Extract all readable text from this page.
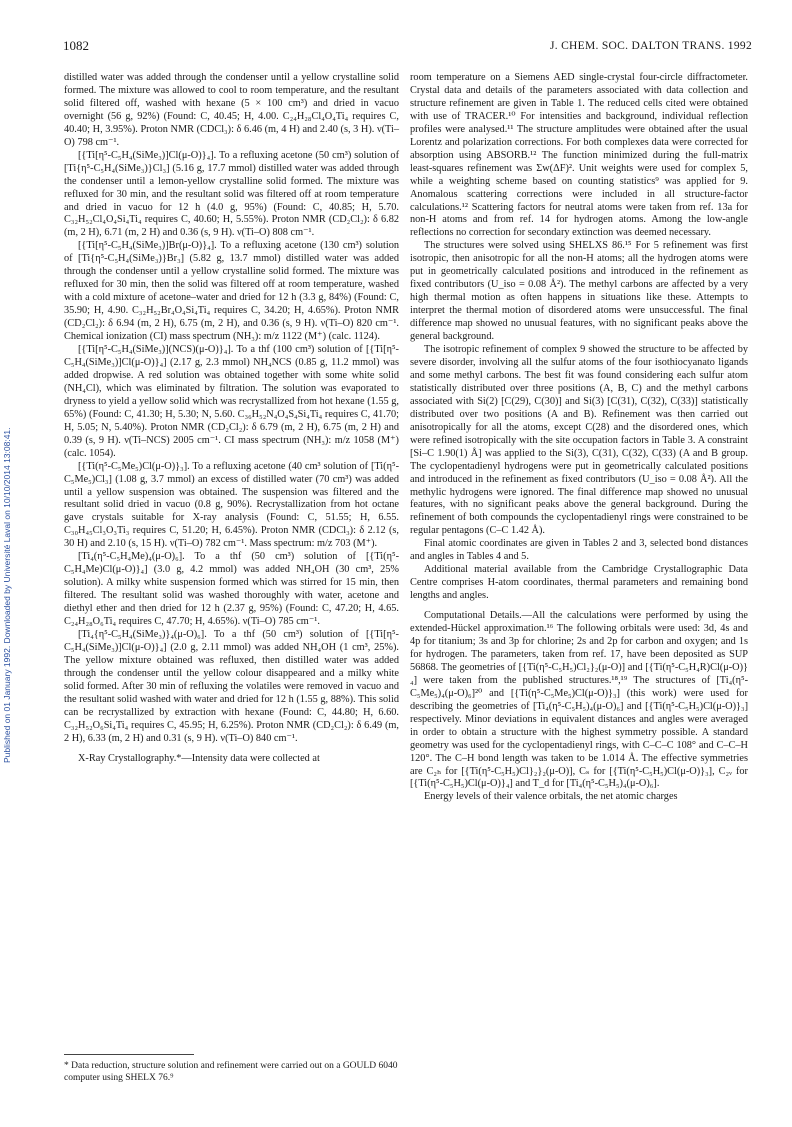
1082	J. CHEM. SOC. DALTON TRANS. 1992
Published on 01 January 1992. Downloaded by Université Laval on 10/10/2014 13:08:41.

distilled water was added through the condenser until a yellow crystalline solid formed. The mixture was allowed to cool to room temperature, and the resultant solid filtered off, washed with hexane (5 × 100 cm³) and dried in vacuo overnight (56 g, 92%) (Found: C, 40.45; H, 4.00. C₂₄H₂₈Cl₄O₄Ti₄ requires C, 40.40; H, 3.95%). Proton NMR (CDCl₃): δ 6.46 (m, 4 H) and 2.40 (s, 3 H). ν(Ti–O) 798 cm⁻¹.

[{Ti[η⁵-C₅H₄(SiMe₃)]Cl(μ-O)}₄]. To a refluxing acetone (50 cm³) solution of [Ti{η⁵-C₅H₄(SiMe₃)}Cl₃] (5.16 g, 17.7 mmol) distilled water was added through the condenser until a lemon-yellow crystalline solid formed. The mixture was refluxed for 30 min, and the resultant solid was filtered off at room temperature and dried in vacuo for 12 h (4.0 g, 95%) (Found: C, 40.85; H, 5.70. C₃₂H₅₂Cl₄O₄Si₄Ti₄ requires C, 40.60; H, 5.55%). Proton NMR (CD₂Cl₂): δ 6.82 (m, 2 H), 6.71 (m, 2 H) and 0.36 (s, 9 H). ν(Ti–O) 808 cm⁻¹.

[{Ti[η⁵-C₅H₄(SiMe₃)]Br(μ-O)}₄]. To a refluxing acetone (130 cm³) solution of [Ti{η⁵-C₅H₄(SiMe₃)}Br₃] (5.82 g, 13.7 mmol) distilled water was added through the condenser until a yellow crystalline solid formed. The mixture was refluxed for 30 min, then the solid was filtered off at room temperature, washed with a cold mixture of acetone–water and dried for 12 h (3.3 g, 84%) (Found: C, 35.90; H, 4.90. C₃₂H₅₂Br₄O₄Si₄Ti₄ requires C, 34.20; H, 4.65%). Proton NMR (CD₂Cl₂): δ 6.94 (m, 2 H), 6.75 (m, 2 H), and 0.36 (s, 9 H). ν(Ti–O) 820 cm⁻¹. Chemical ionization (CI) mass spectrum (NH₃): m/z 1122 (M⁺) (calc. 1124).

[{Ti[η⁵-C₅H₄(SiMe₃)](NCS)(μ-O)}₄]. To a thf (100 cm³) solution of [{Ti[η⁵-C₅H₄(SiMe₃)]Cl(μ-O)}₄] (2.17 g, 2.3 mmol) NH₄NCS (0.85 g, 11.2 mmol) was added dropwise. A red solution was obtained together with some white solid (NH₄Cl), which was eliminated by filtration. The solution was evaporated to dryness to yield a yellow solid which was recrystallized from hot hexane (1.55 g, 65%) (Found: C, 41.30; H, 5.30; N, 5.60. C₃₆H₅₂N₄O₄S₄Si₄Ti₄ requires C, 41.70; H, 5.05; N, 5.40%). Proton NMR (CD₂Cl₂): δ 6.79 (m, 2 H), 6.75 (m, 2 H) and 0.39 (s, 9 H). ν(Ti–NCS) 2005 cm⁻¹. CI mass spectrum (NH₃): m/z 1058 (M⁺) (calc. 1054).

[{Ti(η⁵-C₅Me₅)Cl(μ-O)}₃]. To a refluxing acetone (40 cm³ solution of [Ti(η⁵-C₅Me₅)Cl₃] (1.08 g, 3.7 mmol) an excess of distilled water (70 cm³) was added until a yellow suspension was obtained. The suspension was filtered and the resultant solid dried in vacuo (0.8 g, 90%). Recrystallization from hot octane gave crystals suitable for X-ray analysis (Found: C, 51.55; H, 6.55. C₃₀H₄₅Cl₃O₃Ti₃ requires C, 51.20; H, 6.45%). Proton NMR (CDCl₃): δ 2.12 (s, 30 H) and 2.10 (s, 15 H). ν(Ti–O) 782 cm⁻¹. Mass spectrum: m/z 703 (M⁺).

[Ti₄(η⁵-C₅H₄Me)₄(μ-O)₆]. To a thf (50 cm³) solution of [{Ti(η⁵-C₅H₄Me)Cl(μ-O)}₄] (3.0 g, 4.2 mmol) was added NH₄OH (30 cm³, 25% solution). A milky white suspension formed which was stirred for 15 min, then filtered. The resultant solid was washed thoroughly with water, acetone and diethyl ether and then dried for 12 h (2.37 g, 95%) (Found: C, 47.20; H, 4.65. C₂₄H₂₈O₆Ti₄ requires C, 47.70; H, 4.65%). ν(Ti–O) 785 cm⁻¹.

[Ti₄{η⁵-C₅H₄(SiMe₃)}₄(μ-O)₆]. To a thf (50 cm³) solution of [{Ti[η⁵-C₅H₄(SiMe₃)]Cl(μ-O)}₄] (2.0 g, 2.11 mmol) was added NH₄OH (1 cm³, 25%). The yellow mixture obtained was refluxed, then distilled water was added through the condenser until the yellow colour disappeared and a milky white solid formed. After 30 min of refluxing the volatiles were removed in vacuo and the resultant solid washed with water and dried for 12 h (1.55 g, 88%). This solid can be recrystallized by extraction with hexane (Found: C, 44.80; H, 6.60. C₃₂H₅₂O₆Si₄Ti₄ requires C, 45.95; H, 6.25%). Proton NMR (CD₂Cl₂): δ 6.49 (m, 2 H), 6.33 (m, 2 H) and 0.31 (s, 9 H). ν(Ti–O) 840 cm⁻¹.

X-Ray Crystallography.*—Intensity data were collected at

* Data reduction, structure solution and refinement were carried out on a GOULD 6040 computer using SHELX 76.⁹

room temperature on a Siemens AED single-crystal four-circle diffractometer. Crystal data and details of the parameters associated with data collection and structure refinement are given in Table 1. The reduced cells cited were obtained with use of TRACER.¹⁰ For intensities and background, individual reflection profiles were analysed.¹¹ The structure amplitudes were obtained after the usual Lorentz and polarization corrections. For both complexes data were corrected for absorption using ABSORB.¹² The function minimized during the full-matrix least-squares refinement was Σw(ΔF)². Unit weights were used for complex 5, while a weighting scheme based on counting statistics⁹ was applied for 9. Anomalous scattering corrections were included in all structure-factor calculations.¹² Scattering factors for neutral atoms were taken from ref. 13a for non-H atoms and from ref. 14 for hydrogen atoms. Among the low-angle reflections no correction for secondary extinction was deemed necessary.

The structures were solved using SHELXS 86.¹⁵ For 5 refinement was first isotropic, then anisotropic for all the non-H atoms; all the hydrogen atoms were put in geometrically calculated positions and introduced in the refinement as fixed contributors (U_iso = 0.08 Å²). The methyl carbons are affected by a very high thermal motion as often happens in situations like these. Attempts to interpret the thermal motion of disordered atoms were unsuccessful. The final difference map showed no unusual features, with no significant peaks above the general background.

The isotropic refinement of complex 9 showed the structure to be affected by severe disorder, involving all the sulfur atoms of the four isothiocyanato ligands and some methyl carbons. The best fit was found considering each sulfur atom statistically distributed over three positions (A, B, C) and the methyl carbons associated with Si(2) [C(29), C(30)] and Si(3) [C(31), C(32), C(33)] statistically distributed over two positions (A and B). Refinement was then carried out anisotropically for all the atoms, except C(28) and the disordered ones, which were refined isotropically with the site occupation factors in Table 3. A constraint [Si–C 1.90(1) Å] was applied to the Si(3), C(31), C(32), C(33) (A and B group. The cyclopentadienyl hydrogens were put in geometrically calculated positions and introduced in the refinement as fixed contributors (U_iso = 0.08 Å²). All the methylic hydrogens were ignored. The final difference map showed no unusual features, with no significant peaks above the general background. During the refinement of both compounds the cyclopentadienyl rings were constrained to be regular pentagons (C–C 1.42 Å).

Final atomic coordinates are given in Tables 2 and 3, selected bond distances and angles in Tables 4 and 5.

Additional material available from the Cambridge Crystallographic Data Centre comprises H-atom coordinates, thermal parameters and remaining bond lengths and angles.

Computational Details.—All the calculations were performed by using the extended-Hückel approximation.¹⁶ The following orbitals were used: 3d, 4s and 4p for titanium; 3s and 3p for chlorine; 2s and 2p for carbon and oxygen; and 1s for hydrogen. The parameters, taken from ref. 17, have been deposited as SUP 56868. The geometries of [{Ti(η⁵-C₅H₅)Cl₂}₂(μ-O)] and [{Ti(η⁵-C₅H₄R)Cl(μ-O)}₄] were taken from the published structures.¹⁸,¹⁹ The structures of [Ti₄(η⁵-C₅Me₅)₄(μ-O)₆]²⁰ and [{Ti(η⁵-C₅Me₅)Cl(μ-O)}₃] (this work) were used for describing the geometries of [Ti₄(η⁵-C₅H₅)₄(μ-O)₆] and [{Ti(η⁵-C₅H₅)Cl(μ-O)}₃] respectively. Minor deviations in equivalent distances and angles were averaged in order to obtain a structure with the highest symmetry possible. A standard geometry was used for the cyclopentadienyl rings, with C–C–C 108° and C–C–H 120°. The C–H bond length was taken to be 1.014 Å. The effective symmetries are C₂ₕ for [{Ti(η⁵-C₅H₅)Cl}₂}₂(μ-O)], Cₛ for [{Ti(η⁵-C₅H₅)Cl(μ-O)}₃], C₂ᵥ for [{Ti(η⁵-C₅H₅)Cl(μ-O)}₄] and T_d for [Ti₄(η⁵-C₅H₅)₄(μ-O)₆].

Energy levels of their valence orbitals, the net atomic charges
